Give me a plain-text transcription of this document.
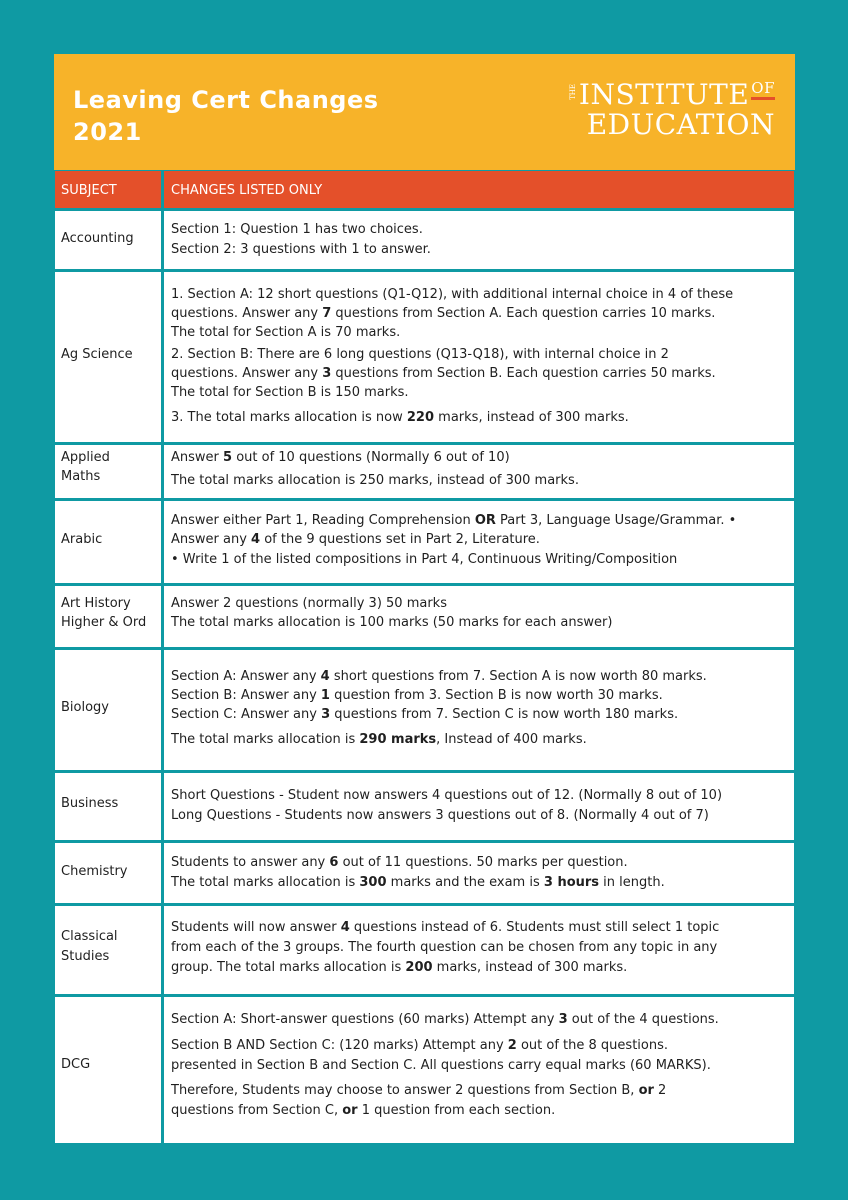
Leaving Cert Changes
2021
THE INSTITUTE OF
EDUCATION
SUBJECT	CHANGES LISTED ONLY
Accounting
Section 1: Question 1 has two choices.
Section 2: 3 questions with 1 to answer.
Ag Science
1. Section A: 12 short questions (Q1-Q12), with additional internal choice in 4 of these
questions. Answer any 7 questions from Section A. Each question carries 10 marks.
The total for Section A is 70 marks.
2. Section B: There are 6 long questions (Q13-Q18), with internal choice in 2
questions. Answer any 3 questions from Section B. Each question carries 50 marks.
The total for Section B is 150 marks.
3. The total marks allocation is now 220 marks, instead of 300 marks.
Applied
Maths
Answer 5 out of 10 questions (Normally 6 out of 10)
The total marks allocation is 250 marks, instead of 300 marks.
Arabic
Answer either Part 1, Reading Comprehension OR Part 3, Language Usage/Grammar. •
Answer any 4 of the 9 questions set in Part 2, Literature.
• Write 1 of the listed compositions in Part 4, Continuous Writing/Composition
Art History
Higher & Ord
Answer 2 questions (normally 3) 50 marks
The total marks allocation is 100 marks (50 marks for each answer)
Biology
Section A: Answer any 4 short questions from 7. Section A is now worth 80 marks.
Section B: Answer any 1 question from 3. Section B is now worth 30 marks.
Section C: Answer any 3 questions from 7. Section C is now worth 180 marks.
The total marks allocation is 290 marks, Instead of 400 marks.
Business
Short Questions - Student now answers 4 questions out of 12. (Normally 8 out of 10)
Long Questions - Students now answers 3 questions out of 8. (Normally 4 out of 7)
Chemistry
Students to answer any 6 out of 11 questions. 50 marks per question.
The total marks allocation is 300 marks and the exam is 3 hours in length.
Classical
Studies
Students will now answer 4 questions instead of 6. Students must still select 1 topic
from each of the 3 groups. The fourth question can be chosen from any topic in any
group. The total marks allocation is 200 marks, instead of 300 marks.
DCG
Section A: Short-answer questions (60 marks) Attempt any 3 out of the 4 questions.
Section B AND Section C: (120 marks) Attempt any 2 out of the 8 questions.
presented in Section B and Section C. All questions carry equal marks (60 MARKS).
Therefore, Students may choose to answer 2 questions from Section B, or 2
questions from Section C, or 1 question from each section.
